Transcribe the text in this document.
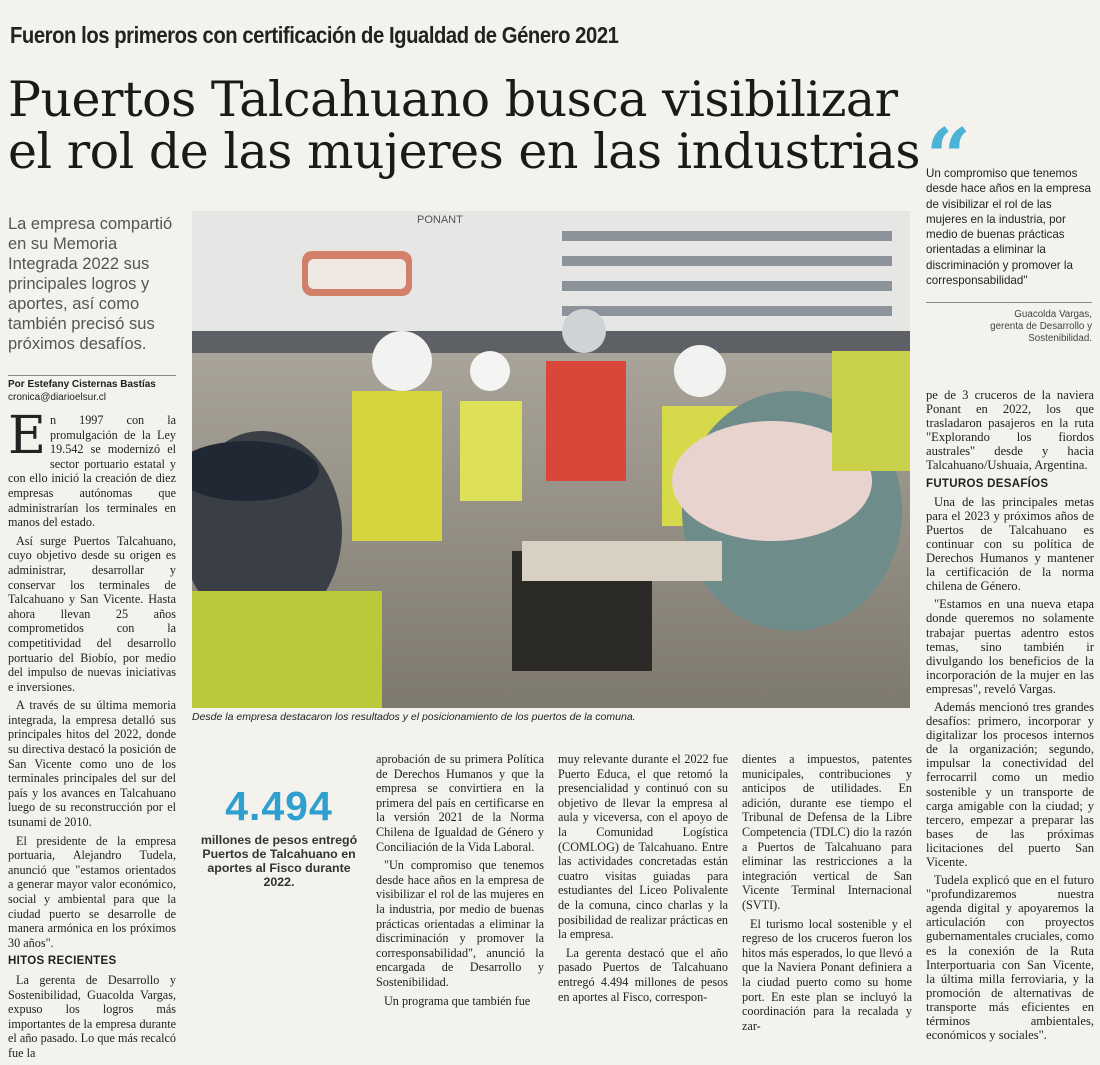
Fueron los primeros con certificación de Igualdad de Género 2021
Puertos Talcahuano busca visibilizar
el rol de las mujeres en las industrias
La empresa compartió en su Memoria Integrada 2022 sus principales logros y aportes, así como también precisó sus próximos desafíos.
Por Estefany Cisternas Bastías
cronica@diarioelsur.cl

En 1997 con la promulgación de la Ley 19.542 se modernizó el sector portuario estatal y con ello inició la creación de diez empresas autónomas que administrarían los terminales en manos del estado.

Así surge Puertos Talcahuano, cuyo objetivo desde su origen es administrar, desarrollar y conservar los terminales de Talcahuano y San Vicente. Hasta ahora llevan 25 años comprometidos con la competitividad del desarrollo portuario del Biobío, por medio del impulso de nuevas iniciativas e inversiones.

A través de su última memoria integrada, la empresa detalló sus principales hitos del 2022, donde su directiva destacó la posición de San Vicente como uno de los terminales principales del sur del país y los avances en Talcahuano luego de su reconstrucción por el tsunami de 2010.

El presidente de la empresa portuaria, Alejandro Tudela, anunció que "estamos orientados a generar mayor valor económico, social y ambiental para que la ciudad puerto se desarrolle de manera armónica en los próximos 30 años".

HITOS RECIENTES

La gerenta de Desarrollo y Sostenibilidad, Guacolda Vargas, expuso los logros más importantes de la empresa durante el año pasado. Lo que más recalcó fue la

PONANT
Desde la empresa destacaron los resultados y el posicionamiento de los puertos de la comuna.
4.494
millones de pesos entregó Puertos de Talcahuano en aportes al Fisco durante 2022.

aprobación de su primera Política de Derechos Humanos y que la empresa se convirtiera en la primera del país en certificarse en la versión 2021 de la Norma Chilena de Igualdad de Género y Conciliación de la Vida Laboral.

"Un compromiso que tenemos desde hace años en la empresa de visibilizar el rol de las mujeres en la industria, por medio de buenas prácticas orientadas a eliminar la discriminación y promover la corresponsabilidad", anunció la encargada de Desarrollo y Sostenibilidad.

Un programa que también fue

muy relevante durante el 2022 fue Puerto Educa, el que retomó la presencialidad y continuó con su objetivo de llevar la empresa al aula y viceversa, con el apoyo de la Comunidad Logística (COMLOG) de Talcahuano. Entre las actividades concretadas están cuatro visitas guiadas para estudiantes del Liceo Polivalente de la comuna, cinco charlas y la posibilidad de realizar prácticas en la empresa.

La gerenta destacó que el año pasado Puertos de Talcahuano entregó 4.494 millones de pesos en aportes al Fisco, correspon-

dientes a impuestos, patentes municipales, contribuciones y anticipos de utilidades. En adición, durante ese tiempo el Tribunal de Defensa de la Libre Competencia (TDLC) dio la razón a Puertos de Talcahuano para eliminar las restricciones a la integración vertical de San Vicente Terminal Internacional (SVTI).

El turismo local sostenible y el regreso de los cruceros fueron los hitos más esperados, lo que llevó a que la Naviera Ponant definiera a la ciudad puerto como su home port. En este plan se incluyó la coordinación para la recalada y zar-

“
Un compromiso que tenemos desde hace años en la empresa de visibilizar el rol de las mujeres en la industria, por medio de buenas prácticas orientadas a eliminar la discriminación y promover la corresponsabilidad"
Guacolda Vargas,
gerenta de Desarrollo y Sostenibilidad.

pe de 3 cruceros de la naviera Ponant en 2022, los que trasladaron pasajeros en la ruta "Explorando los fiordos australes" desde y hacia Talcahuano/Ushuaia, Argentina.

FUTUROS DESAFÍOS

Una de las principales metas para el 2023 y próximos años de Puertos de Talcahuano es continuar con su política de Derechos Humanos y mantener la certificación de la norma chilena de Género.

"Estamos en una nueva etapa donde queremos no solamente trabajar puertas adentro estos temas, sino también ir divulgando los beneficios de la incorporación de la mujer en las empresas", reveló Vargas.

Además mencionó tres grandes desafíos: primero, incorporar y digitalizar los procesos internos de la organización; segundo, impulsar la conectividad del ferrocarril como un medio sostenible y un transporte de carga amigable con la ciudad; y tercero, empezar a preparar las bases de las próximas licitaciones del puerto San Vicente.

Tudela explicó que en el futuro "profundizaremos nuestra agenda digital y apoyaremos la articulación con proyectos gubernamentales cruciales, como es la conexión de la Ruta Interportuaria con San Vicente, la última milla ferroviaria, y la promoción de alternativas de transporte más eficientes en términos ambientales, económicos y sociales".
